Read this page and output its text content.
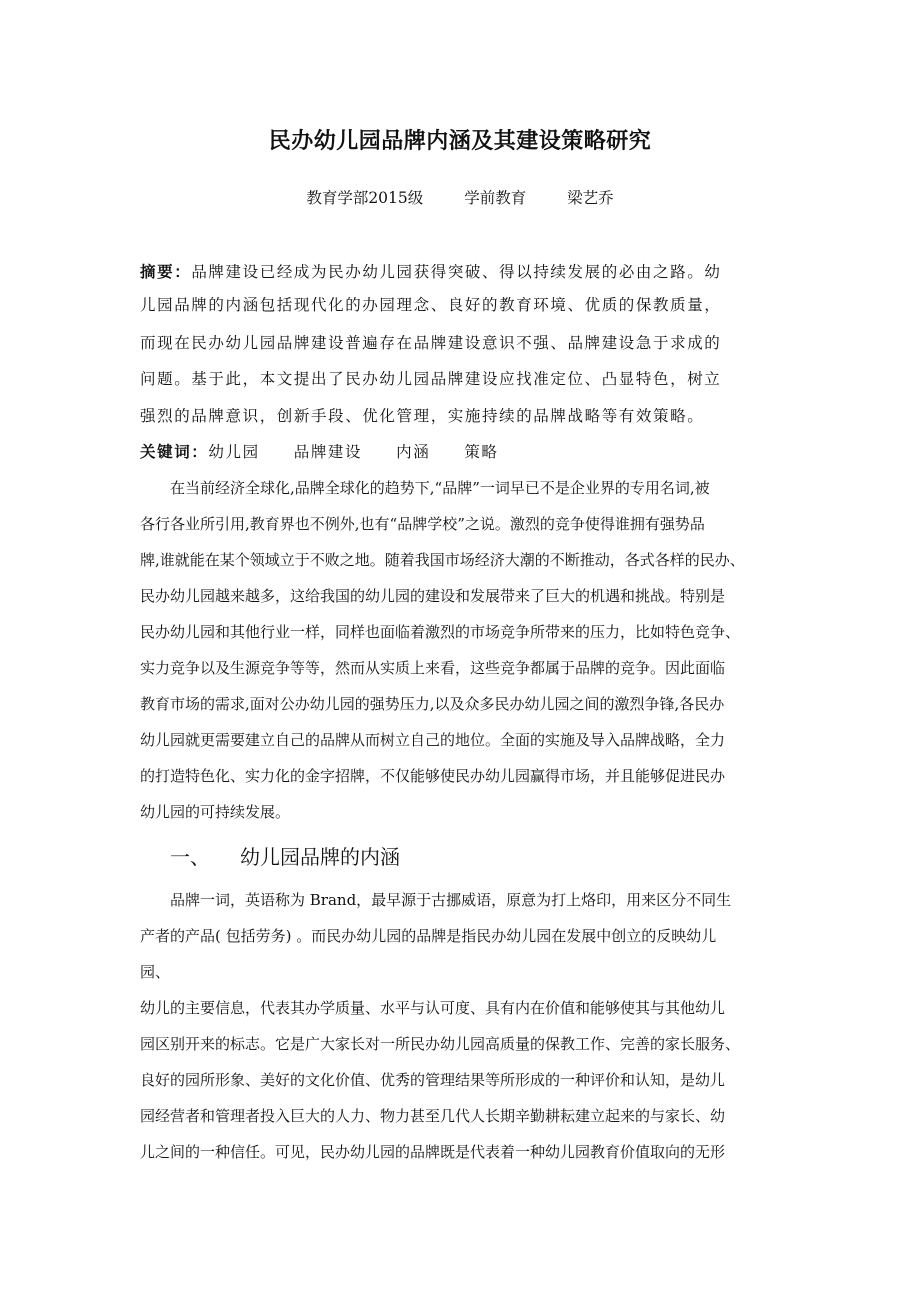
民办幼儿园品牌内涵及其建设策略研究
教育学部2015级	学前教育	梁艺乔
摘要：品牌建设已经成为民办幼儿园获得突破、得以持续发展的必由之路。幼
儿园品牌的内涵包括现代化的办园理念、良好的教育环境、优质的保教质量，
而现在民办幼儿园品牌建设普遍存在品牌建设意识不强、品牌建设急于求成的
问题。基于此，本文提出了民办幼儿园品牌建设应找准定位、凸显特色，树立
强烈的品牌意识，创新手段、优化管理，实施持续的品牌战略等有效策略。
关键词：幼儿园 品牌建设 内涵 策略
在当前经济全球化,品牌全球化的趋势下,“品牌”一词早已不是企业界的专用名词,被
各行各业所引用,教育界也不例外,也有“品牌学校”之说。激烈的竞争使得谁拥有强势品
牌,谁就能在某个领域立于不败之地。随着我国市场经济大潮的不断推动，各式各样的民办、
民办幼儿园越来越多，这给我国的幼儿园的建设和发展带来了巨大的机遇和挑战。特别是
民办幼儿园和其他行业一样，同样也面临着激烈的市场竞争所带来的压力，比如特色竞争、
实力竞争以及生源竞争等等，然而从实质上来看，这些竞争都属于品牌的竞争。因此面临
教育市场的需求,面对公办幼儿园的强势压力,以及众多民办幼儿园之间的激烈争锋,各民办
幼儿园就更需要建立自己的品牌从而树立自己的地位。全面的实施及导入品牌战略，全力
的打造特色化、实力化的金字招牌，不仅能够使民办幼儿园赢得市场，并且能够促进民办
幼儿园的可持续发展。
一、 幼儿园品牌的内涵
品牌一词，英语称为 Brand，最早源于古挪威语，原意为打上烙印，用来区分不同生
产者的产品( 包括劳务) 。而民办幼儿园的品牌是指民办幼儿园在发展中创立的反映幼儿
园、
幼儿的主要信息，代表其办学质量、水平与认可度、具有内在价值和能够使其与其他幼儿
园区别开来的标志。它是广大家长对一所民办幼儿园高质量的保教工作、完善的家长服务、
良好的园所形象、美好的文化价值、优秀的管理结果等所形成的一种评价和认知，是幼儿
园经营者和管理者投入巨大的人力、物力甚至几代人长期辛勤耕耘建立起来的与家长、幼
儿之间的一种信任。可见，民办幼儿园的品牌既是代表着一种幼儿园教育价值取向的无形
